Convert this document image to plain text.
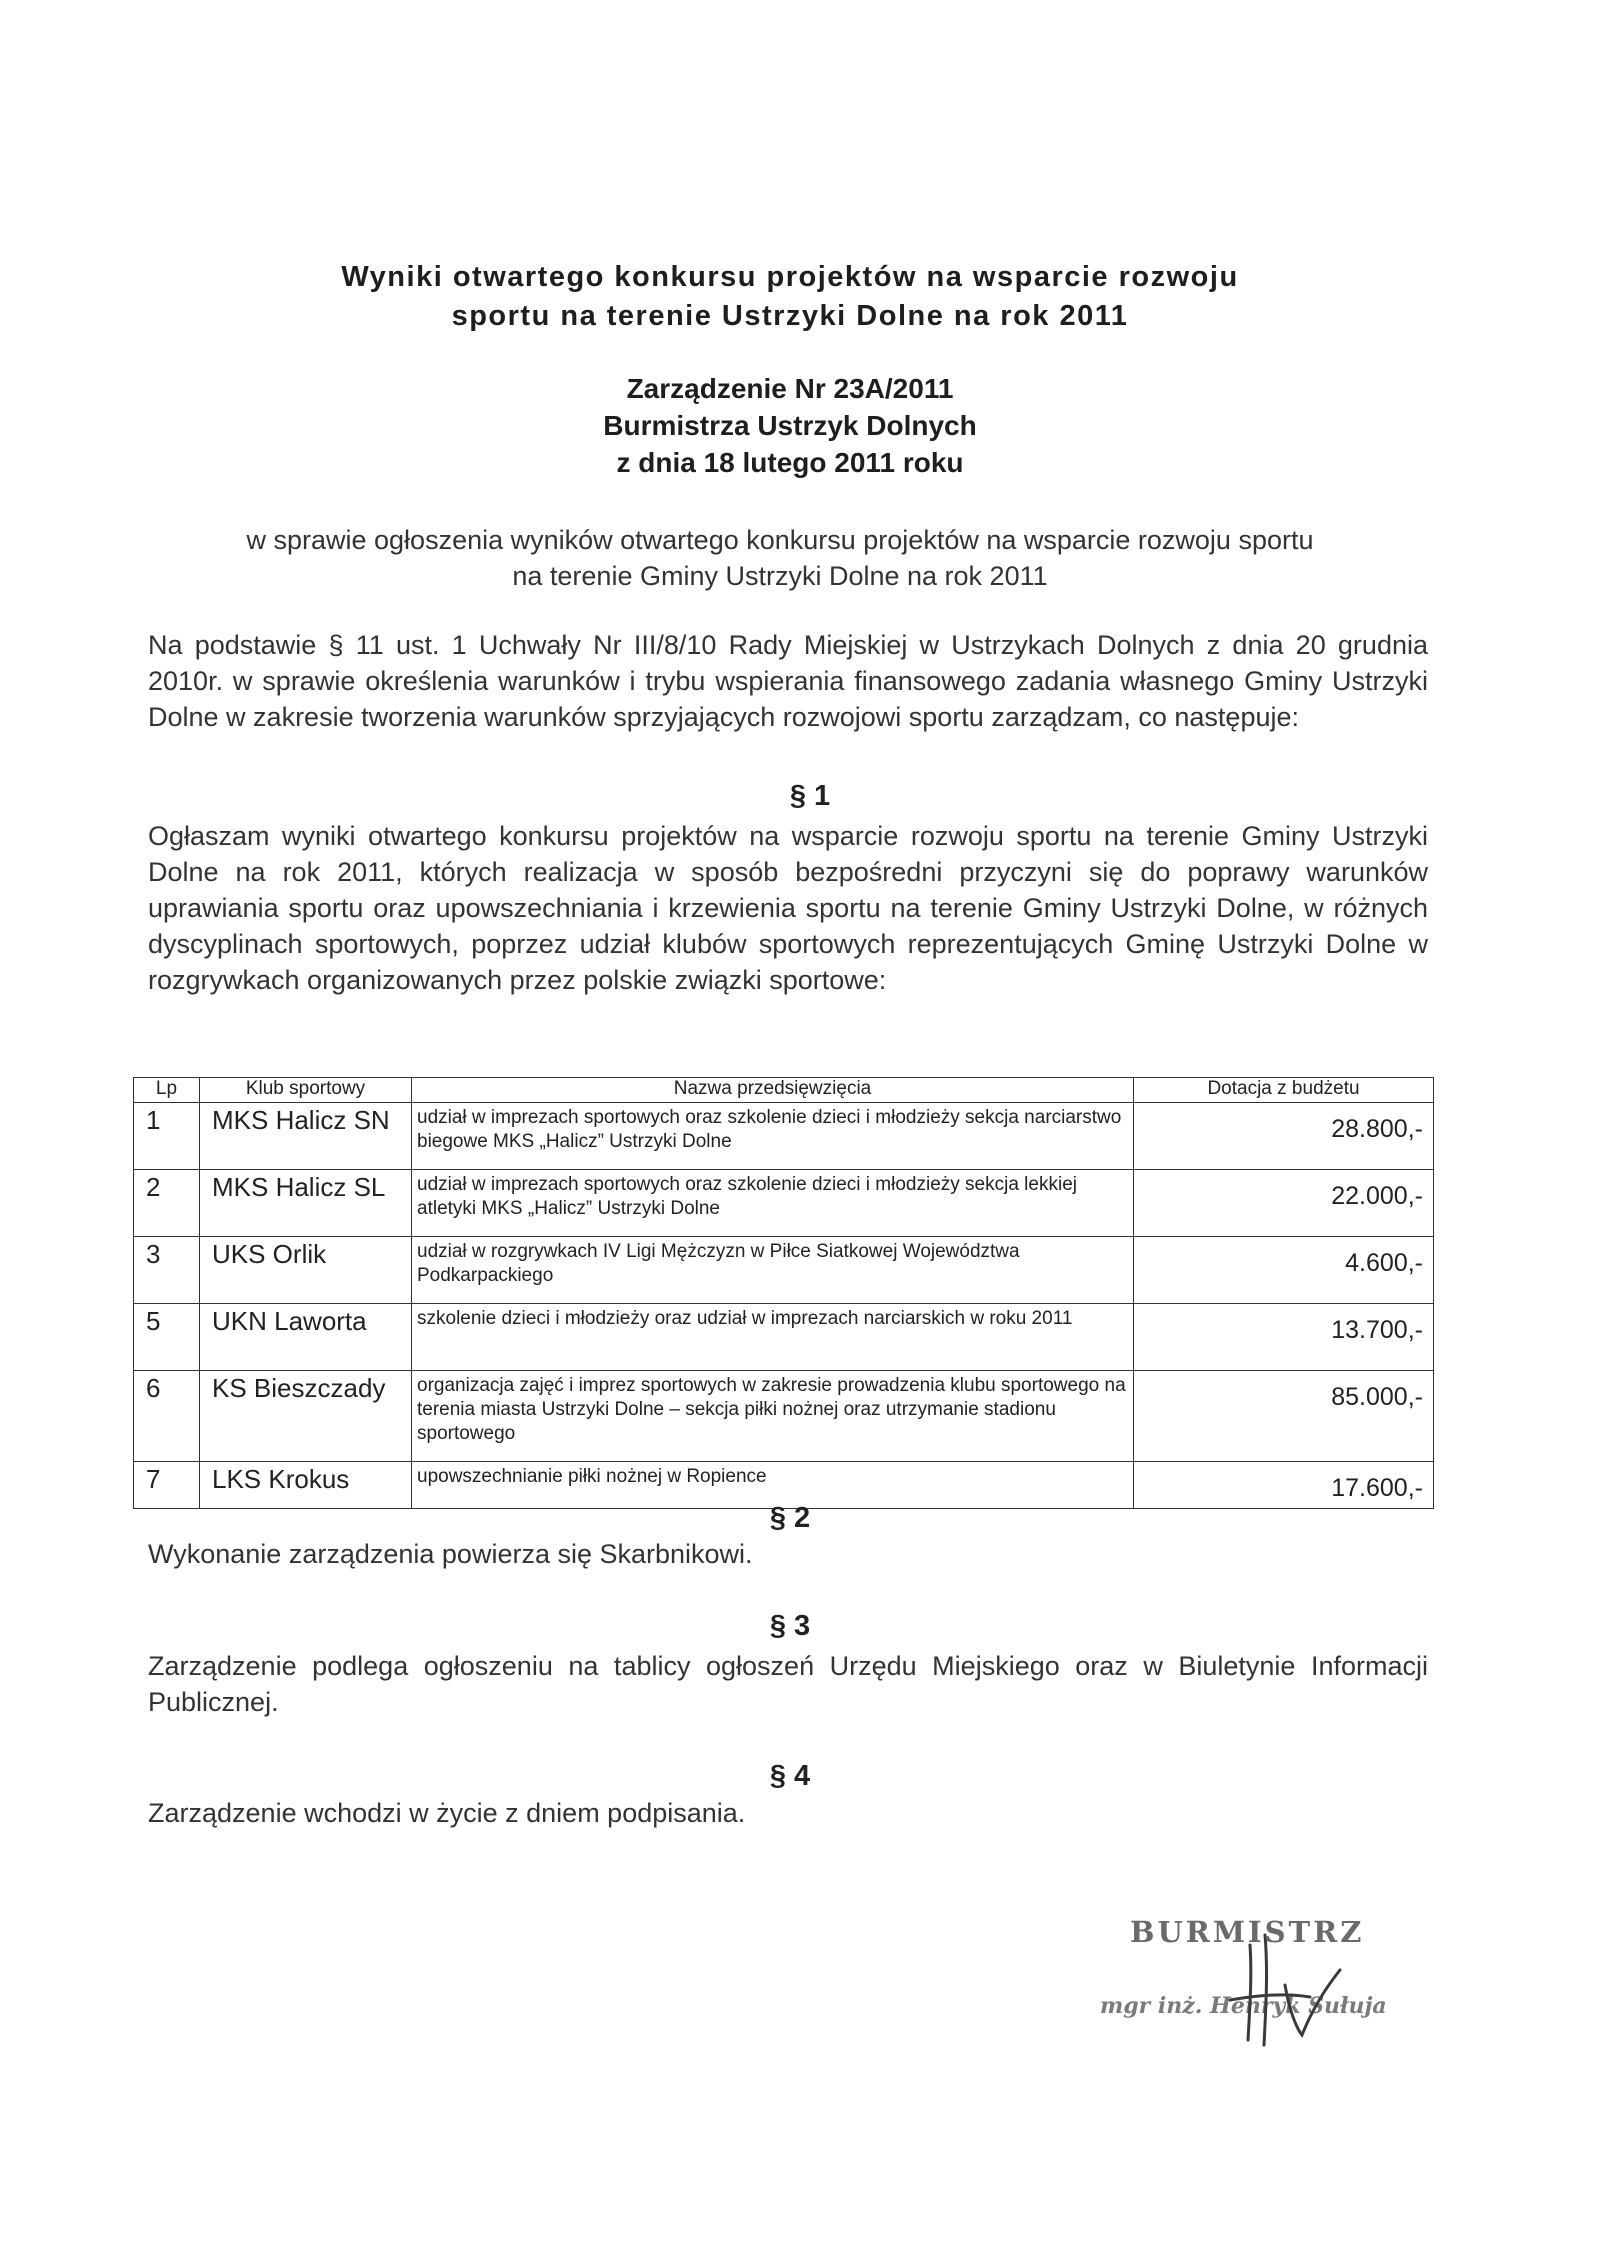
Wyniki otwartego konkursu projektów na wsparcie rozwoju
sportu na terenie Ustrzyki Dolne na rok 2011
Zarządzenie Nr 23A/2011
Burmistrza Ustrzyk Dolnych
z dnia 18 lutego 2011 roku
w sprawie ogłoszenia wyników otwartego konkursu projektów na wsparcie rozwoju sportu
na terenie Gminy Ustrzyki Dolne na rok 2011
Na podstawie § 11 ust. 1 Uchwały Nr III/8/10 Rady Miejskiej w Ustrzykach Dolnych z dnia 20 grudnia 2010r. w sprawie określenia warunków i trybu wspierania finansowego zadania własnego Gminy Ustrzyki Dolne w zakresie tworzenia warunków sprzyjających rozwojowi sportu zarządzam, co następuje:
§ 1
Ogłaszam wyniki otwartego konkursu projektów na wsparcie rozwoju sportu na terenie Gminy Ustrzyki Dolne na rok 2011, których realizacja w sposób bezpośredni przyczyni się do poprawy warunków uprawiania sportu oraz upowszechniania i krzewienia sportu na terenie Gminy Ustrzyki Dolne, w różnych dyscyplinach sportowych, poprzez udział klubów sportowych reprezentujących Gminę Ustrzyki Dolne w rozgrywkach organizowanych przez polskie związki sportowe:
Lp	Klub sportowy	Nazwa przedsięwzięcia	Dotacja z budżetu
1	MKS Halicz SN	udział w imprezach sportowych oraz szkolenie dzieci i młodzieży sekcja narciarstwo biegowe MKS „Halicz” Ustrzyki Dolne	28.800,-
2	MKS Halicz SL	udział w imprezach sportowych oraz szkolenie dzieci i młodzieży sekcja lekkiej atletyki MKS „Halicz” Ustrzyki Dolne	22.000,-
3	UKS Orlik	udział w rozgrywkach IV Ligi Mężczyzn w Piłce Siatkowej Województwa Podkarpackiego	4.600,-
5	UKN Laworta	szkolenie dzieci i młodzieży oraz udział w imprezach narciarskich w roku 2011	13.700,-
6	KS Bieszczady	organizacja zajęć i imprez sportowych w zakresie prowadzenia klubu sportowego na terenia miasta Ustrzyki Dolne – sekcja piłki nożnej oraz utrzymanie stadionu sportowego	85.000,-
7	LKS Krokus	upowszechnianie piłki nożnej w Ropience	17.600,-
§ 2
Wykonanie zarządzenia powierza się Skarbnikowi.
§ 3
Zarządzenie podlega ogłoszeniu na tablicy ogłoszeń Urzędu Miejskiego oraz w Biuletynie Informacji Publicznej.
§ 4
Zarządzenie wchodzi w życie z dniem podpisania.
BURMISTRZ
mgr inż. Henryk Sułuja
